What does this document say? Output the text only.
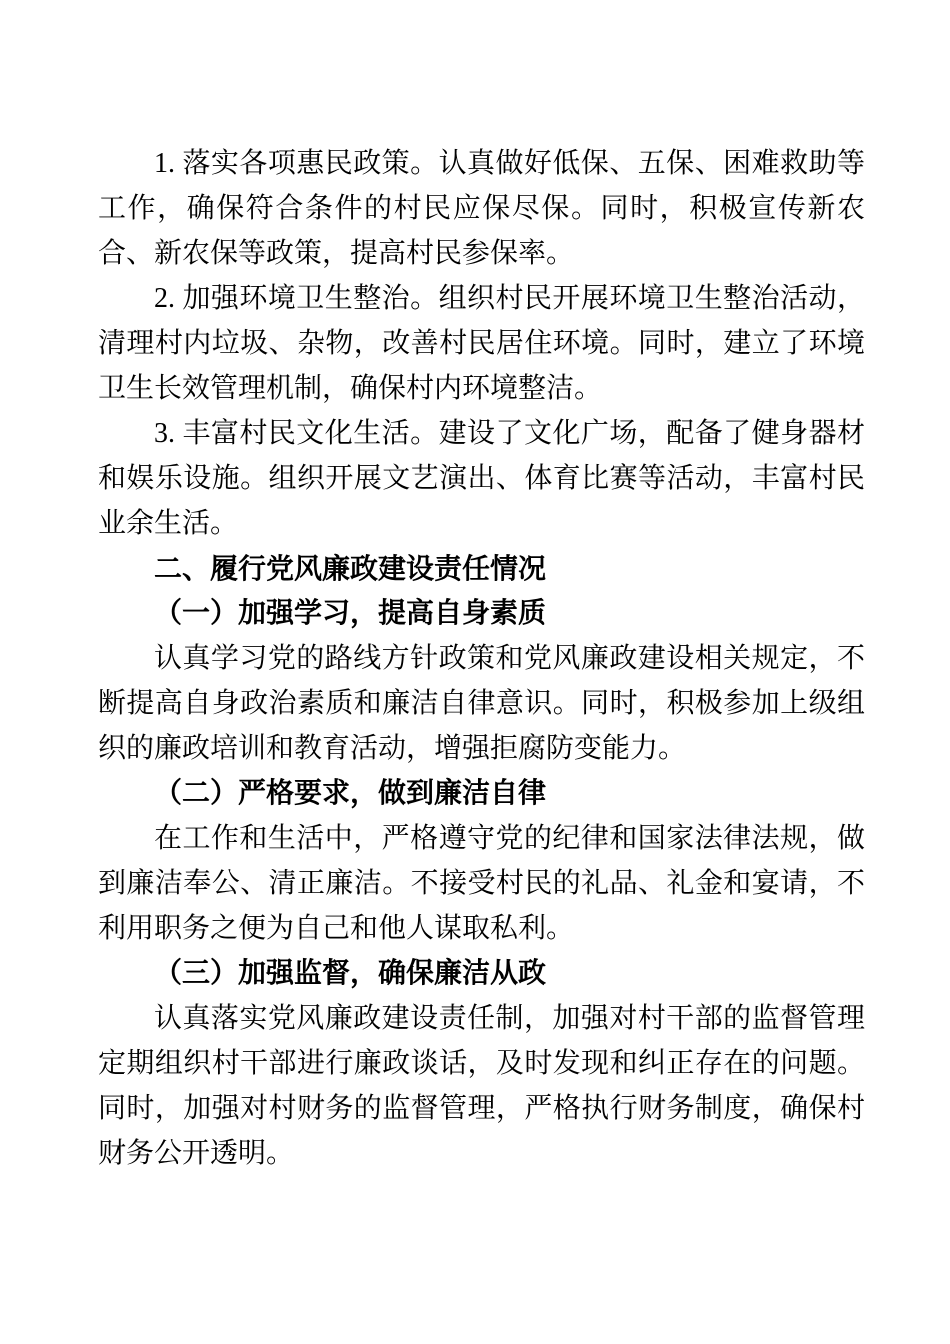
1. 落实各项惠民政策。认真做好低保、五保、困难救助等工作，确保符合条件的村民应保尽保。同时，积极宣传新农合、新农保等政策，提高村民参保率。

2. 加强环境卫生整治。组织村民开展环境卫生整治活动，清理村内垃圾、杂物，改善村民居住环境。同时，建立了环境卫生长效管理机制，确保村内环境整洁。

3. 丰富村民文化生活。建设了文化广场，配备了健身器材和娱乐设施。组织开展文艺演出、体育比赛等活动，丰富村民业余生活。

二、履行党风廉政建设责任情况
（一）加强学习，提高自身素质

认真学习党的路线方针政策和党风廉政建设相关规定，不断提高自身政治素质和廉洁自律意识。同时，积极参加上级组织的廉政培训和教育活动，增强拒腐防变能力。

（二）严格要求，做到廉洁自律

在工作和生活中，严格遵守党的纪律和国家法律法规，做到廉洁奉公、清正廉洁。不接受村民的礼品、礼金和宴请，不利用职务之便为自己和他人谋取私利。

（三）加强监督，确保廉洁从政

认真落实党风廉政建设责任制，加强对村干部的监督管理定期组织村干部进行廉政谈话，及时发现和纠正存在的问题。同时，加强对村财务的监督管理，严格执行财务制度，确保村财务公开透明。
